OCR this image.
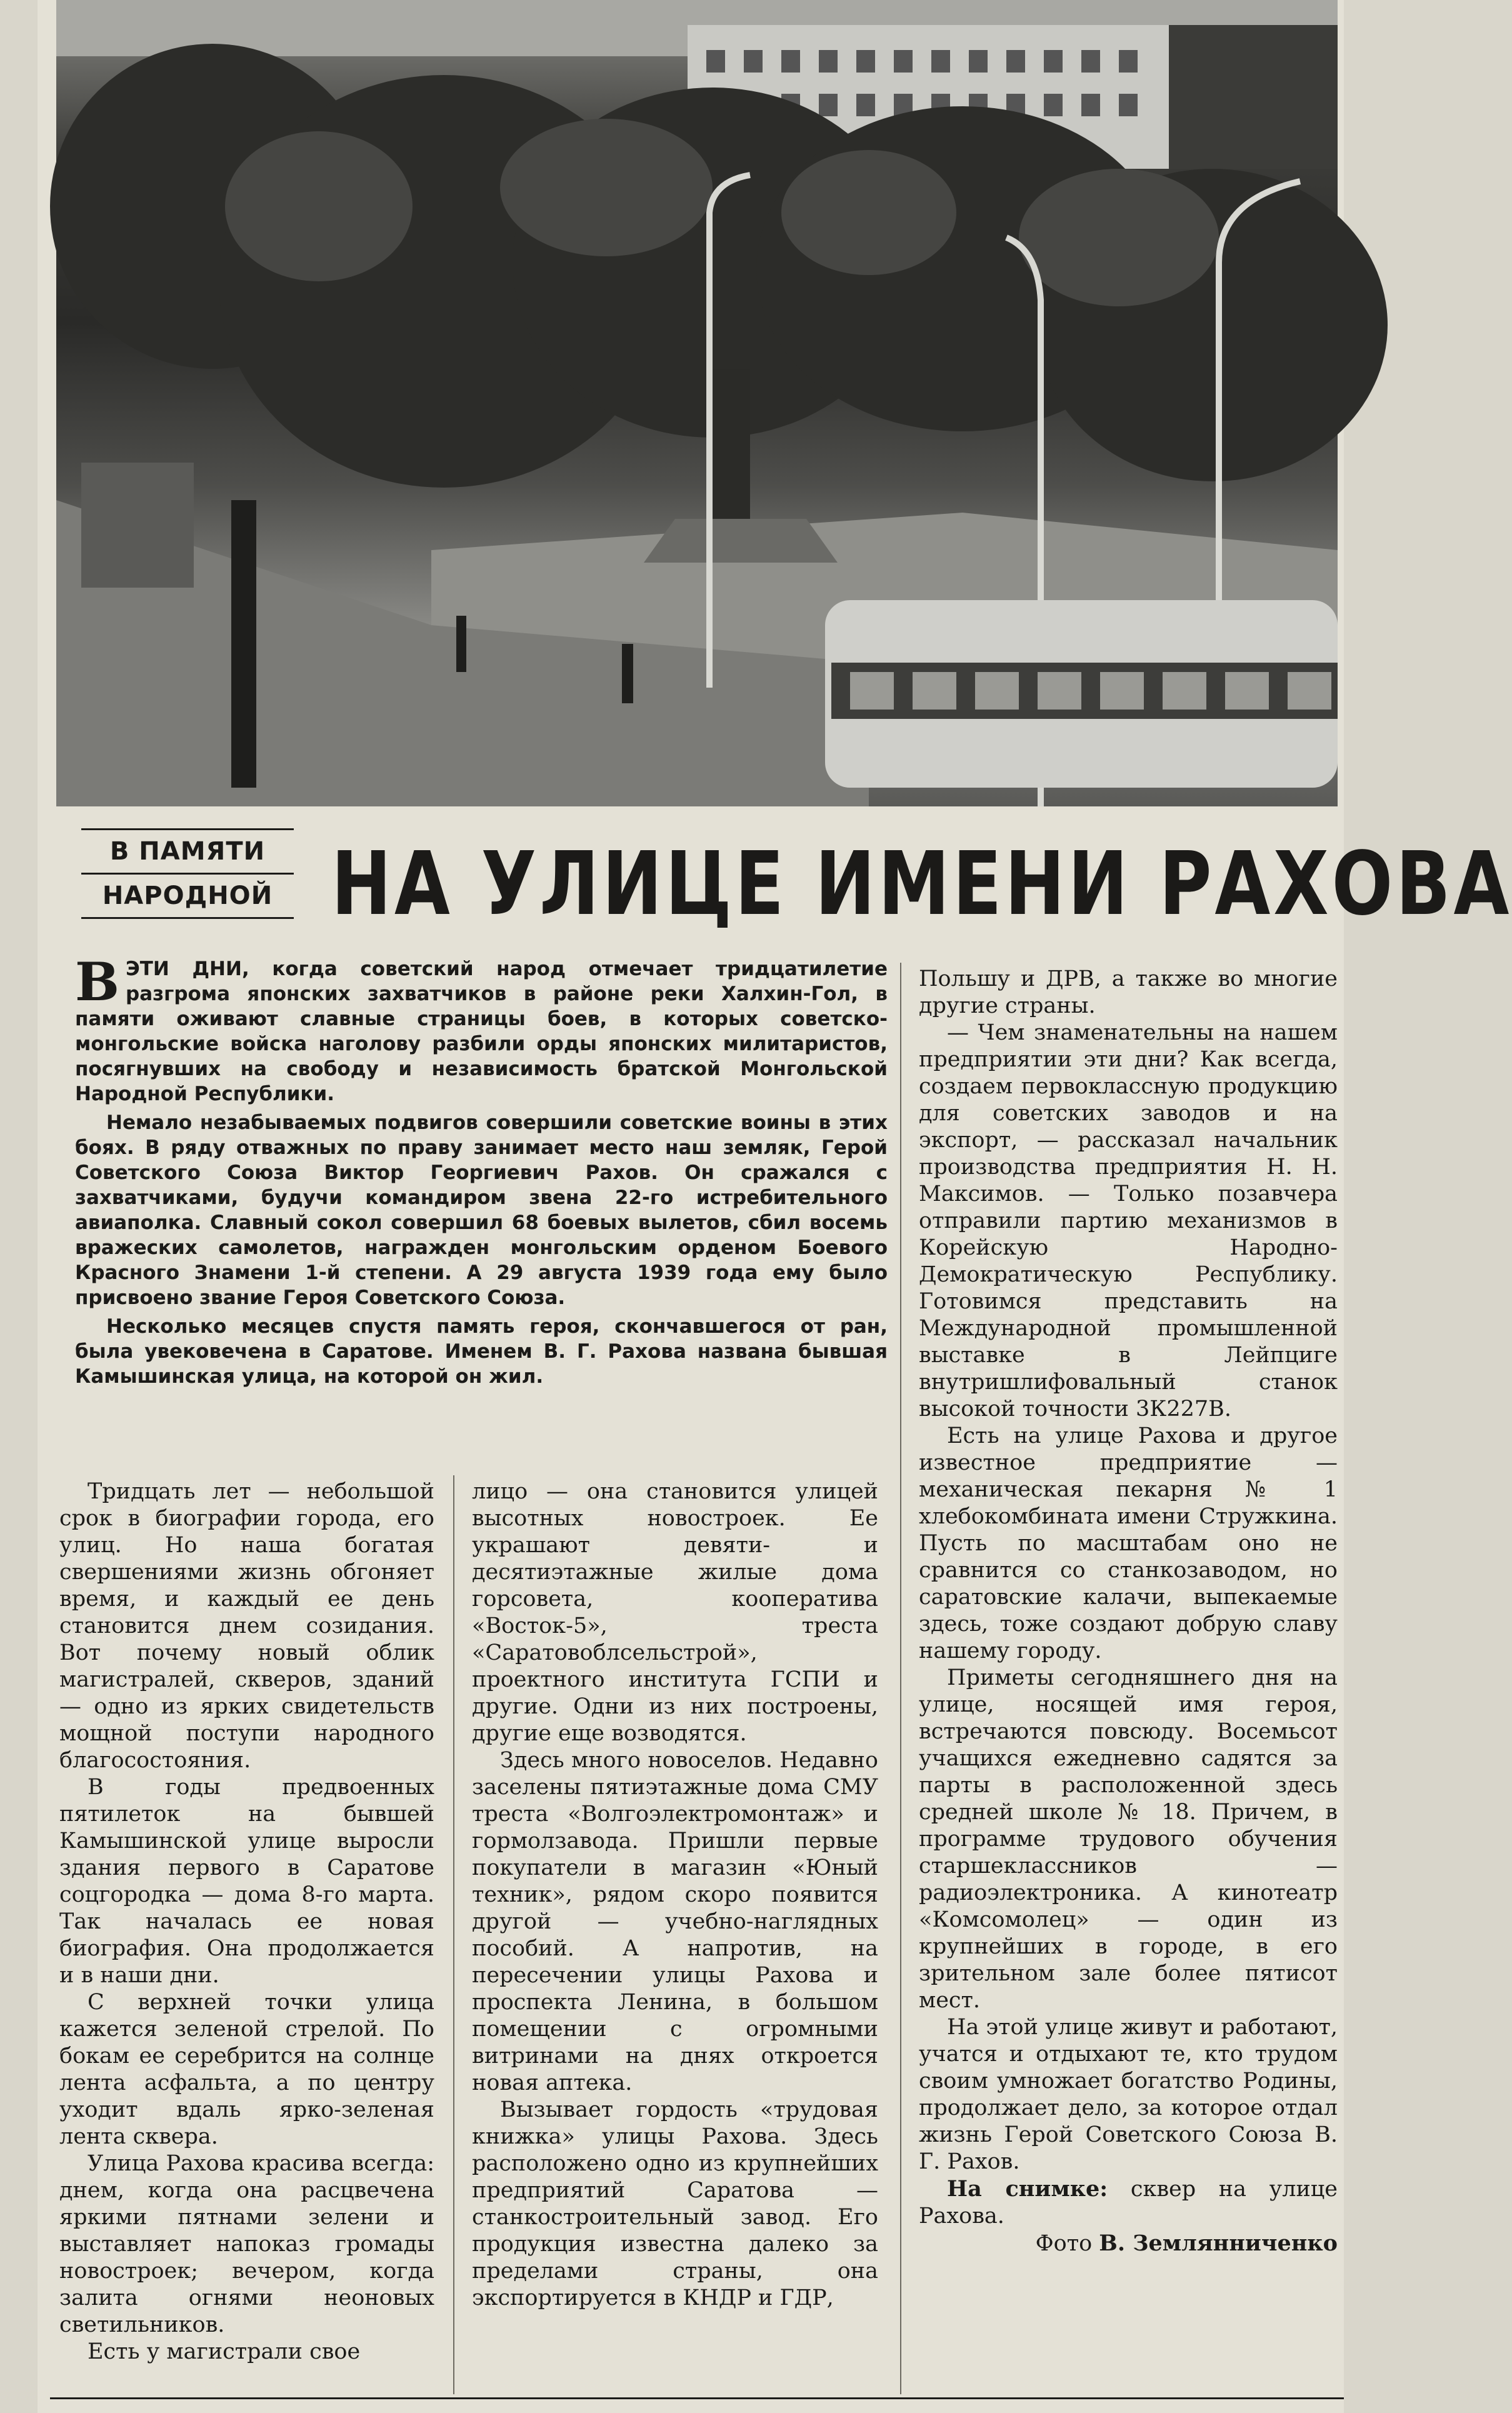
В ПАМЯТИ
НАРОДНОЙ НА УЛИЦЕ ИМЕНИ РАХОВА

ВЭТИ ДНИ, когда советский народ отмечает тридцатилетие разгрома японских захватчиков в районе реки Халхин-Гол, в памяти оживают славные страницы боев, в которых советско-монгольские войска наголову разбили орды японских милитаристов, посягнувших на свободу и независимость братской Монгольской Народной Республики.

Немало незабываемых подвигов совершили советские воины в этих боях. В ряду отважных по праву занимает место наш земляк, Герой Советского Союза Виктор Георгиевич Рахов. Он сражался с захватчиками, будучи командиром звена 22-го истребительного авиаполка. Славный сокол совершил 68 боевых вылетов, сбил восемь вражеских самолетов, награжден монгольским орденом Боевого Красного Знамени 1-й степени. А 29 августа 1939 года ему было присвоено звание Героя Советского Союза.

Несколько месяцев спустя память героя, скончавшегося от ран, была увековечена в Саратове. Именем В. Г. Рахова названа бывшая Камышинская улица, на которой он жил.

Тридцать лет — небольшой срок в биографии города, его улиц. Но наша богатая свершениями жизнь обгоняет время, и каждый ее день становится днем созидания. Вот почему новый облик магистралей, скверов, зданий — одно из ярких свидетельств мощной поступи народного благосостояния.

В годы предвоенных пятилеток на бывшей Камышинской улице выросли здания первого в Саратове соцгородка — дома 8-го марта. Так началась ее новая биография. Она продолжается и в наши дни.

С верхней точки улица кажется зеленой стрелой. По бокам ее серебрится на солнце лента асфальта, а по центру уходит вдаль ярко-зеленая лента сквера.

Улица Рахова красива всегда: днем, когда она расцвечена яркими пятнами зелени и выставляет напоказ громады новостроек; вечером, когда залита огнями неоновых светильников.

Есть у магистрали свое

лицо — она становится улицей высотных новостроек. Ее украшают девяти- и десятиэтажные жилые дома горсовета, кооператива «Восток-5», треста «Саратовоблсельстрой», проектного института ГСПИ и другие. Одни из них построены, другие еще возводятся.

Здесь много новоселов. Недавно заселены пятиэтажные дома СМУ треста «Волгоэлектромонтаж» и гормолзавода. Пришли первые покупатели в магазин «Юный техник», рядом скоро появится другой — учебно-наглядных пособий. А напротив, на пересечении улицы Рахова и проспекта Ленина, в большом помещении с огромными витринами на днях откроется новая аптека.

Вызывает гордость «трудовая книжка» улицы Рахова. Здесь расположено одно из крупнейших предприятий Саратова — станкостроительный завод. Его продукция известна далеко за пределами страны, она экспортируется в КНДР и ГДР,

Польшу и ДРВ, а также во многие другие страны.

— Чем знаменательны на нашем предприятии эти дни? Как всегда, создаем первоклассную продукцию для советских заводов и на экспорт, — рассказал начальник производства предприятия Н. Н. Максимов. — Только позавчера отправили партию механизмов в Корейскую Народно-Демократическую Республику. Готовимся представить на Международной промышленной выставке в Лейпциге внутришлифовальный станок высокой точности 3К227В.

Есть на улице Рахова и другое известное предприятие — механическая пекарня № 1 хлебокомбината имени Стружкина. Пусть по масштабам оно не сравнится со станкозаводом, но саратовские калачи, выпекаемые здесь, тоже создают добрую славу нашему городу.

Приметы сегодняшнего дня на улице, носящей имя героя, встречаются повсюду. Восемьсот учащихся ежедневно садятся за парты в расположенной здесь средней школе № 18. Причем, в программе трудового обучения старшеклассников — радиоэлектроника. А кинотеатр «Комсомолец» — один из крупнейших в городе, в его зрительном зале более пятисот мест.

На этой улице живут и работают, учатся и отдыхают те, кто трудом своим умножает богатство Родины, продолжает дело, за которое отдал жизнь Герой Советского Союза В. Г. Рахов.

На снимке: сквер на улице Рахова.

Фото В. Землянниченко
